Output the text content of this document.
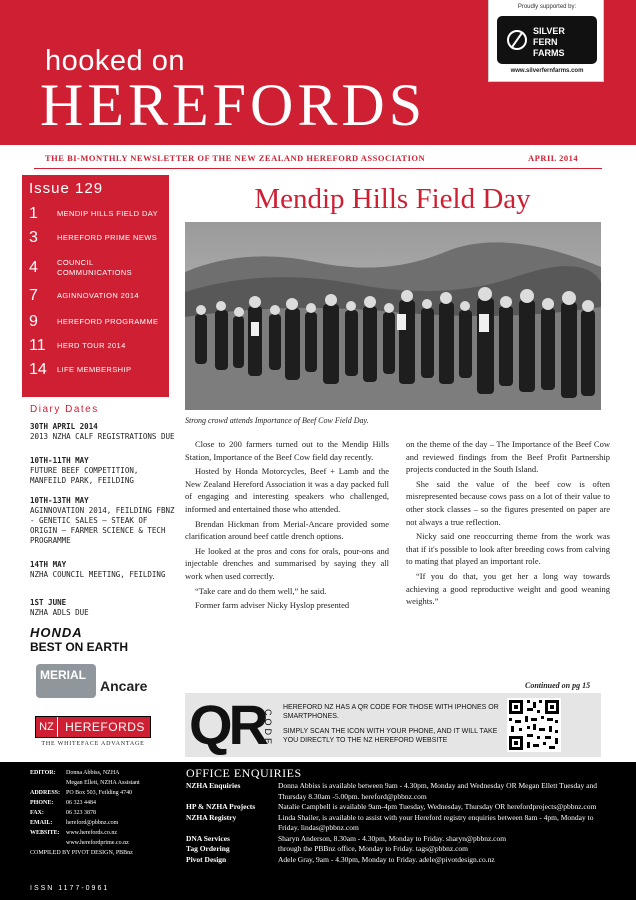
hooked on
HEREFORDS
Proudly supported by:
SILVER
FERN
FARMS
www.silverfernfarms.com
THE BI-MONTHLY NEWSLETTER OF THE NEW ZEALAND HEREFORD ASSOCIATION	APRIL 2014
Issue 129
1	MENDIP HILLS FIELD DAY
3	HEREFORD PRIME NEWS
4	COUNCIL COMMUNICATIONS
7	AGINNOVATION 2014
9	HEREFORD PROGRAMME
11	HERD TOUR 2014
14	LIFE MEMBERSHIP
Diary Dates
30TH APRIL 2014
2013 NZHA CALF REGISTRATIONS DUE
10TH-11TH MAY
FUTURE BEEF COMPETITION, MANFEILD PARK, FEILDING
10TH-13TH MAY
AGINNOVATION 2014, FEILDING FBNZ - GENETIC SALES – STEAK OF ORIGIN – FARMER SCIENCE & TECH PROGRAMME
14TH MAY
NZHA COUNCIL MEETING, FEILDING
1ST JUNE
NZHA ADLS DUE
HONDA
BEST ON EARTH
MERIAL
Ancare
NZ HEREFORDS
THE WHITEFACE ADVANTAGE
Mendip Hills Field Day
Strong crowd attends Importance of Beef Cow Field Day.

Close to 200 farmers turned out to the Mendip Hills Station, Importance of the Beef Cow field day recently.

Hosted by Honda Motorcycles, Beef + Lamb and the New Zealand Hereford Association it was a day packed full of engaging and interesting speakers who challenged, informed and entertained those who attended.

Brendan Hickman from Merial-Ancare provided some clarification around beef cattle drench options.

He looked at the pros and cons for orals, pour-ons and injectable drenches and summarised by saying they all work when used correctly.

“Take care and do them well,” he said.

Former farm adviser Nicky Hyslop presented

on the theme of the day – The Importance of the Beef Cow and reviewed findings from the Beef Profit Partnership projects conducted in the South Island.

She said the value of the beef cow is often misrepresented because cows pass on a lot of their value to other stock classes – so the figures presented on paper are not always a true reflection.

Nicky said one reoccurring theme from the work was that if it's possible to look after breeding cows from calving to mating that played an important role.

“If you do that, you get her a long way towards achieving a good reproductive weight and good weaning weights.”

Continued on pg 15
QR
CODE

HEREFORD NZ HAS A QR CODE FOR THOSE WITH IPHONES OR SMARTPHONES.

SIMPLY SCAN THE ICON WITH YOUR PHONE, AND IT WILL TAKE YOU DIRECTLY TO THE NZ HEREFORD WEBSITE

EDITOR:	Donna Abbiss, NZHA
Megan Ellett, NZHA Assistant
ADDRESS: PO Box 503, Feilding 4740
PHONE:	06 323 4484
FAX:	06 323 3878
EMAIL:	hereford@pbbnz.com
WEBSITE:	www.herefords.co.nz
www.herefordprime.co.nz
COMPILED BY PIVOT DESIGN, PBBnz
ISSN 1177-0961
OFFICE ENQUIRIES
NZHA Enquiries	Donna Abbiss is available between 9am - 4.30pm, Monday and Wednesday OR Megan Ellett Tuesday and Thursday 8.30am -5.00pm. hereford@pbbnz.com
HP & NZHA Projects	Natalie Campbell is available 9am-4pm Tuesday, Wednesday, Thursday OR herefordprojects@pbbnz.com
NZHA Registry	Linda Shailer, is available to assist with your Hereford registry enquiries between 8am - 4pm, Monday to Friday. lindas@pbbnz.com
DNA Services	Sharyn Anderson, 8.30am - 4.30pm, Monday to Friday. sharyn@pbbnz.com
Tag Ordering	through the PBBnz office, Monday to Friday. tags@pbbnz.com
Pivot Design	Adele Gray, 9am - 4.30pm, Monday to Friday. adele@pivotdesign.co.nz
